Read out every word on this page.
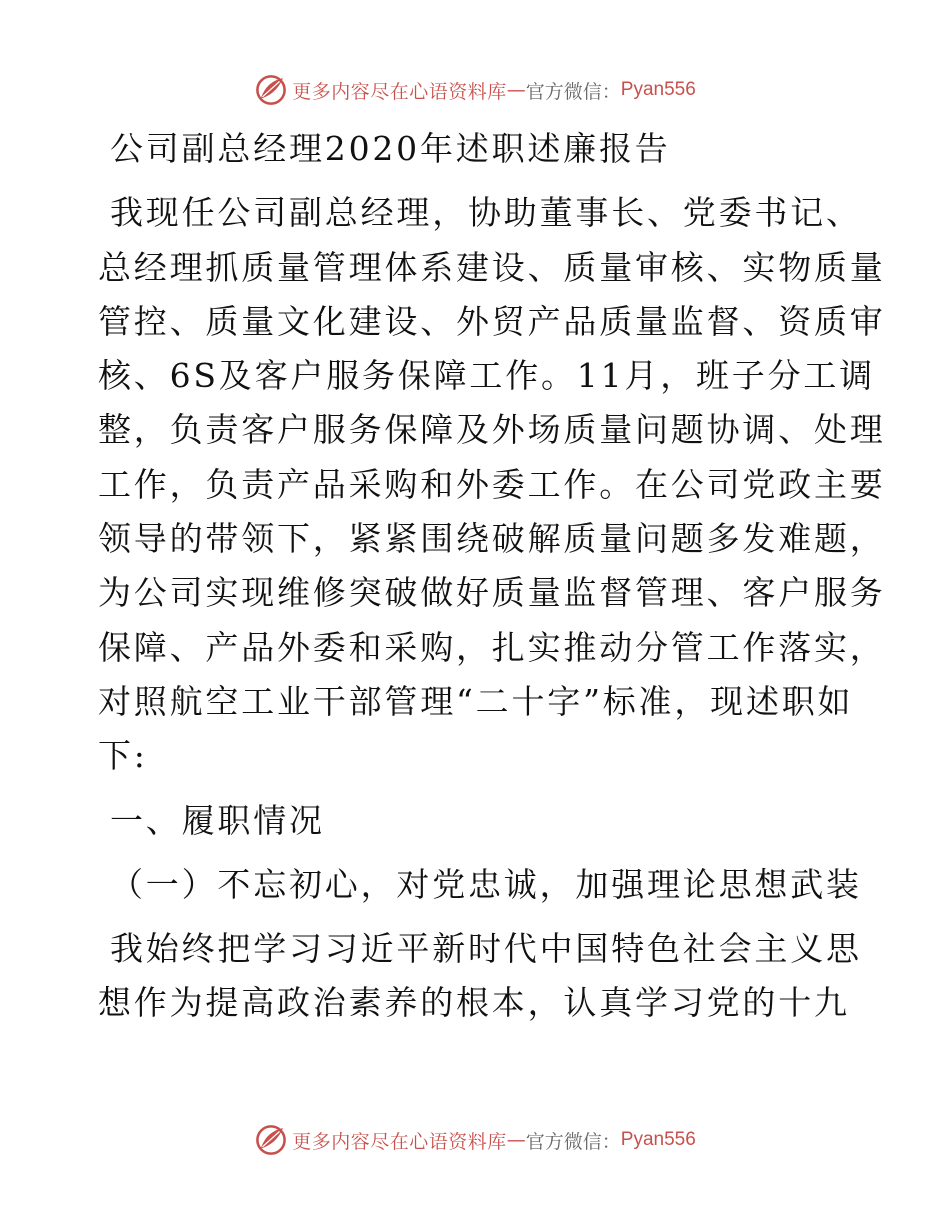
更多内容尽在心语资料库 — 官方微信 ： Pyan556
公司副总经理2020年述职述廉报告
我现任公司副总经理，协助董事长、党委书记、
总经理抓质量管理体系建设、质量审核、实物质量
管控、质量文化建设、外贸产品质量监督、资质审
核、6S及客户服务保障工作。11月，班子分工调
整，负责客户服务保障及外场质量问题协调、处理
工作，负责产品采购和外委工作。在公司党政主要
领导的带领下，紧紧围绕破解质量问题多发难题，
为公司实现维修突破做好质量监督管理、客户服务
保障、产品外委和采购，扎实推动分管工作落实，
对照航空工业干部管理“二十字”标准，现述职如
下:
一、履职情况
（一）不忘初心，对党忠诚，加强理论思想武装
我始终把学习习近平新时代中国特色社会主义思
想作为提高政治素养的根本，认真学习党的十九
更多内容尽在心语资料库 — 官方微信 ： Pyan556
